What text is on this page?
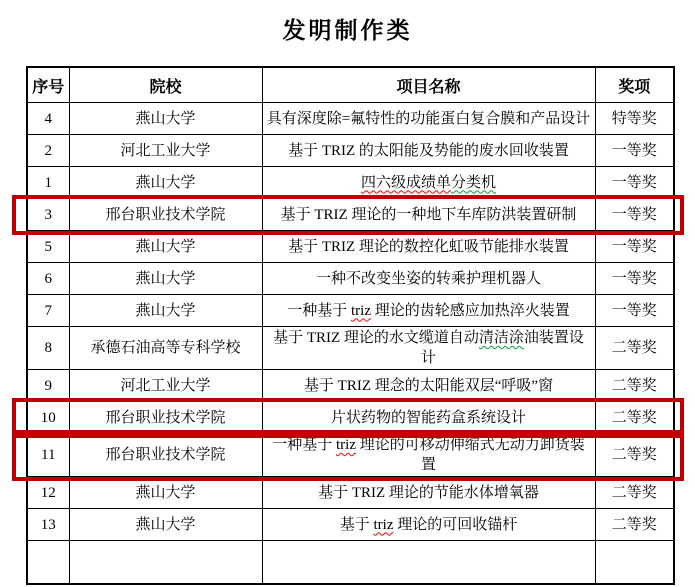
发明制作类
序号	院校	项目名称	奖项
4	燕山大学	具有深度除=氟特性的功能蛋白复合膜和产品设计	特等奖
2	河北工业大学	基于 TRIZ 的太阳能及势能的废水回收装置	一等奖
1	燕山大学	四六级成绩单分类机	一等奖
3	邢台职业技术学院	基于 TRIZ 理论的一种地下车库防洪装置研制	一等奖
5	燕山大学	基于 TRIZ 理论的数控化虹吸节能排水装置	一等奖
6	燕山大学	一种不改变坐姿的转乘护理机器人	一等奖
7	燕山大学	一种基于 triz 理论的齿轮感应加热淬火装置	一等奖
8	承德石油高等专科学校	基于 TRIZ 理论的水文缆道自动清洁涂油装置设计	二等奖
9	河北工业大学	基于 TRIZ 理念的太阳能双层“呼吸”窗	二等奖
10	邢台职业技术学院	片状药物的智能药盒系统设计	二等奖
11	邢台职业技术学院	一种基于 triz 理论的可移动伸缩式无动力卸货装置	二等奖
12	燕山大学	基于 TRIZ 理论的节能水体增氧器	二等奖
13	燕山大学	基于 triz 理论的可回收锚杆	二等奖
